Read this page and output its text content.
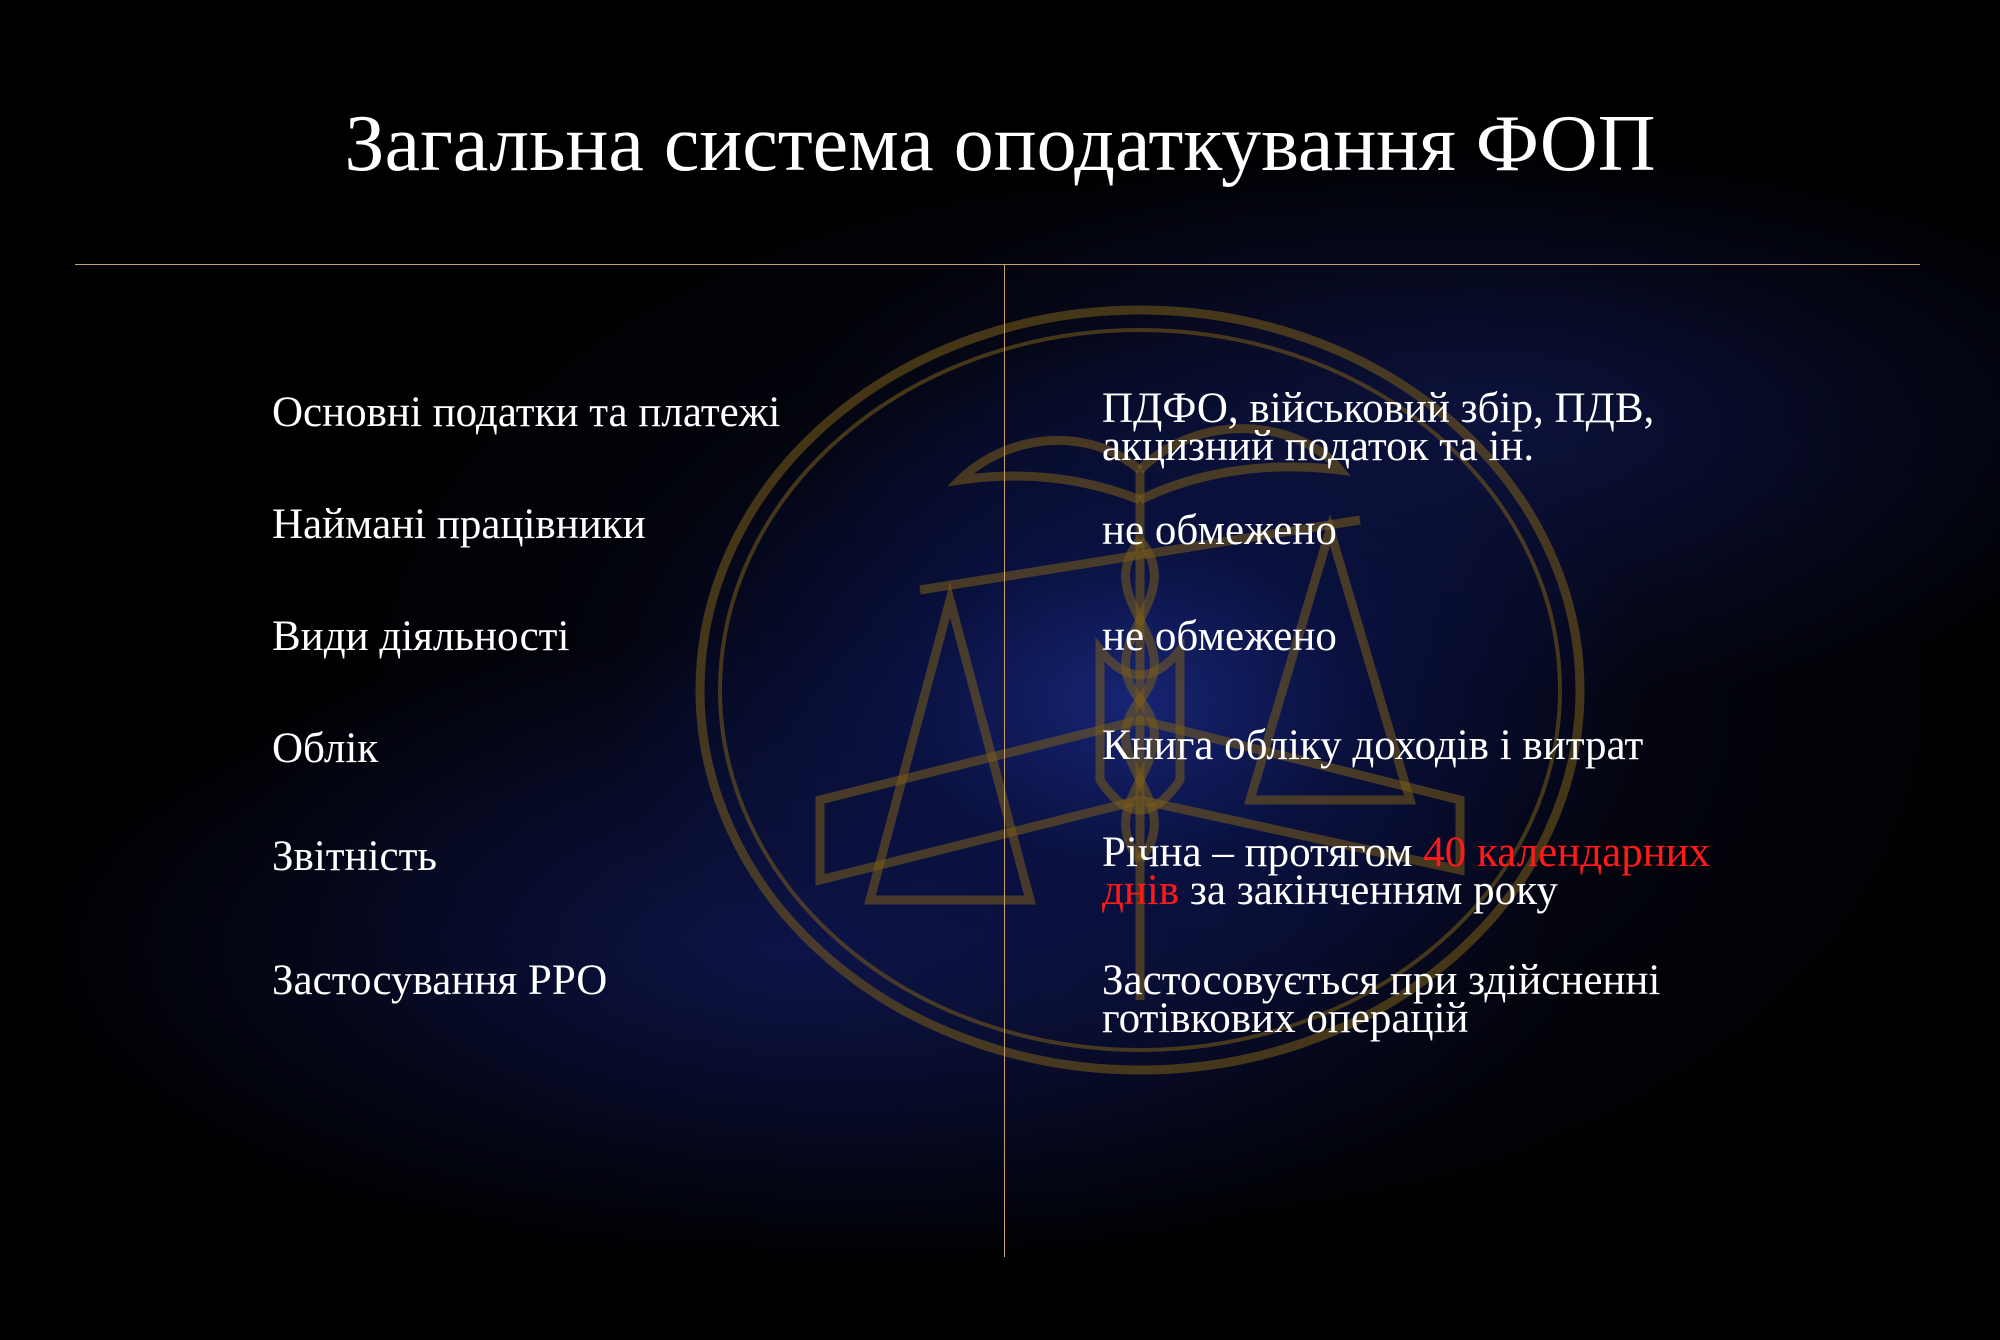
Загальна система оподаткування ФОП
Основні податки та платежі	ПДФО, військовий збір, ПДВ,
акцизний податок та ін.
Наймані працівники	не обмежено
Види діяльності	не обмежено
Облік	Книга обліку доходів і витрат
Звітність	Річна – протягом 40 календарних
днів за закінченням року
Застосування РРО	Застосовується при здійсненні
готівкових операцій
